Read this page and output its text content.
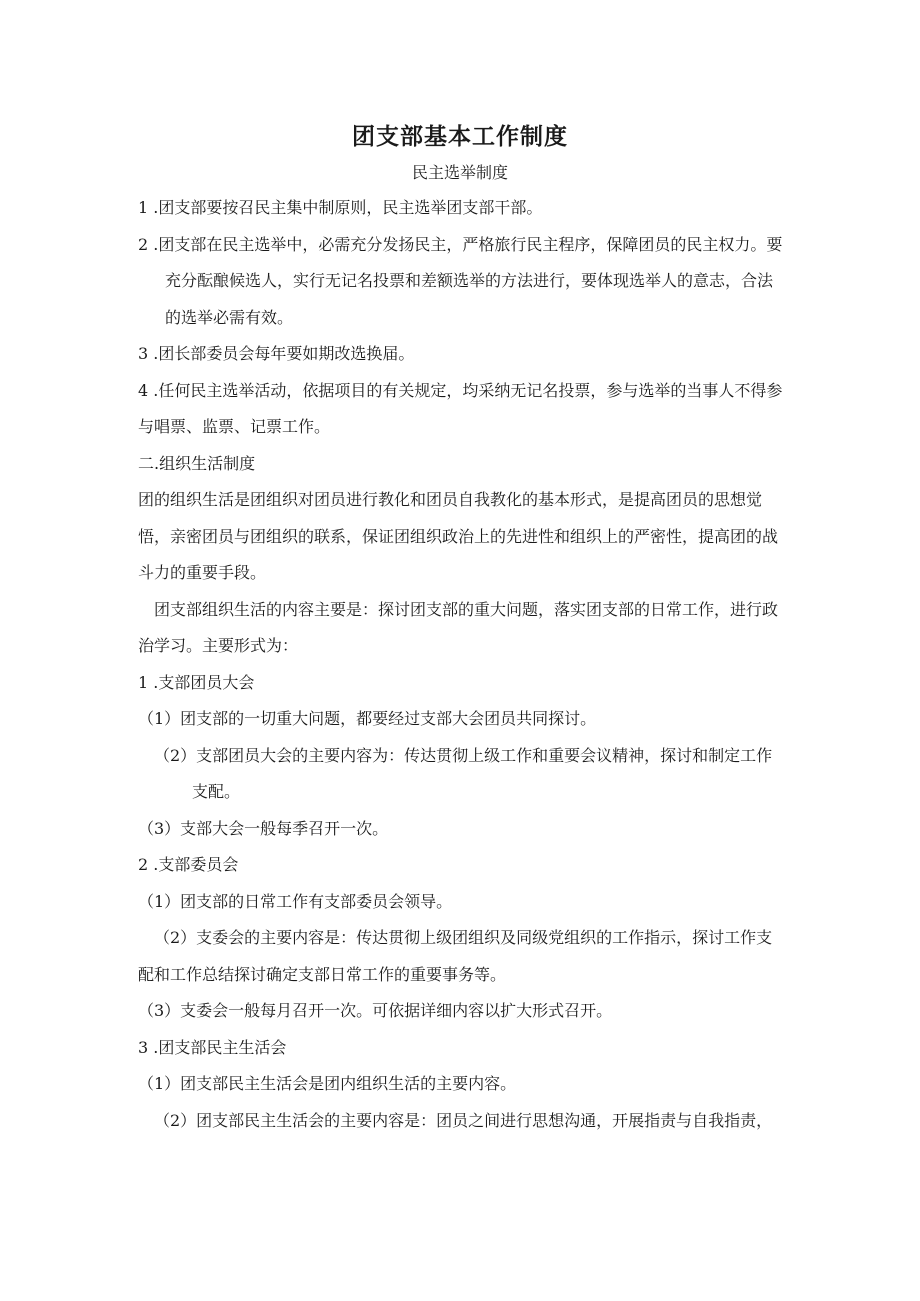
团支部基本工作制度
民主选举制度

1 .团支部要按召民主集中制原则，民主选举团支部干部。

2 .团支部在民主选举中，必需充分发扬民主，严格旅行民主程序，保障团员的民主权力。要充分酝酿候选人，实行无记名投票和差额选举的方法进行，要体现选举人的意志，合法的选举必需有效。

3 .团长部委员会每年要如期改选换届。

4 .任何民主选举活动，依据项目的有关规定，均采纳无记名投票，参与选举的当事人不得参与唱票、监票、记票工作。

二.组织生活制度

团的组织生活是团组织对团员进行教化和团员自我教化的基本形式，是提高团员的思想觉悟，亲密团员与团组织的联系，保证团组织政治上的先进性和组织上的严密性，提高团的战斗力的重要手段。

团支部组织生活的内容主要是：探讨团支部的重大问题，落实团支部的日常工作，进行政治学习。主要形式为：

1 .支部团员大会

（1）团支部的一切重大问题，都要经过支部大会团员共同探讨。

（2）支部团员大会的主要内容为：传达贯彻上级工作和重要会议精神，探讨和制定工作支配。

（3）支部大会一般每季召开一次。

2 .支部委员会

（1）团支部的日常工作有支部委员会领导。

（2）支委会的主要内容是：传达贯彻上级团组织及同级党组织的工作指示，探讨工作支配和工作总结探讨确定支部日常工作的重要事务等。

（3）支委会一般每月召开一次。可依据详细内容以扩大形式召开。

3 .团支部民主生活会

（1）团支部民主生活会是团内组织生活的主要内容。

（2）团支部民主生活会的主要内容是：团员之间进行思想沟通，开展指责与自我指责，
